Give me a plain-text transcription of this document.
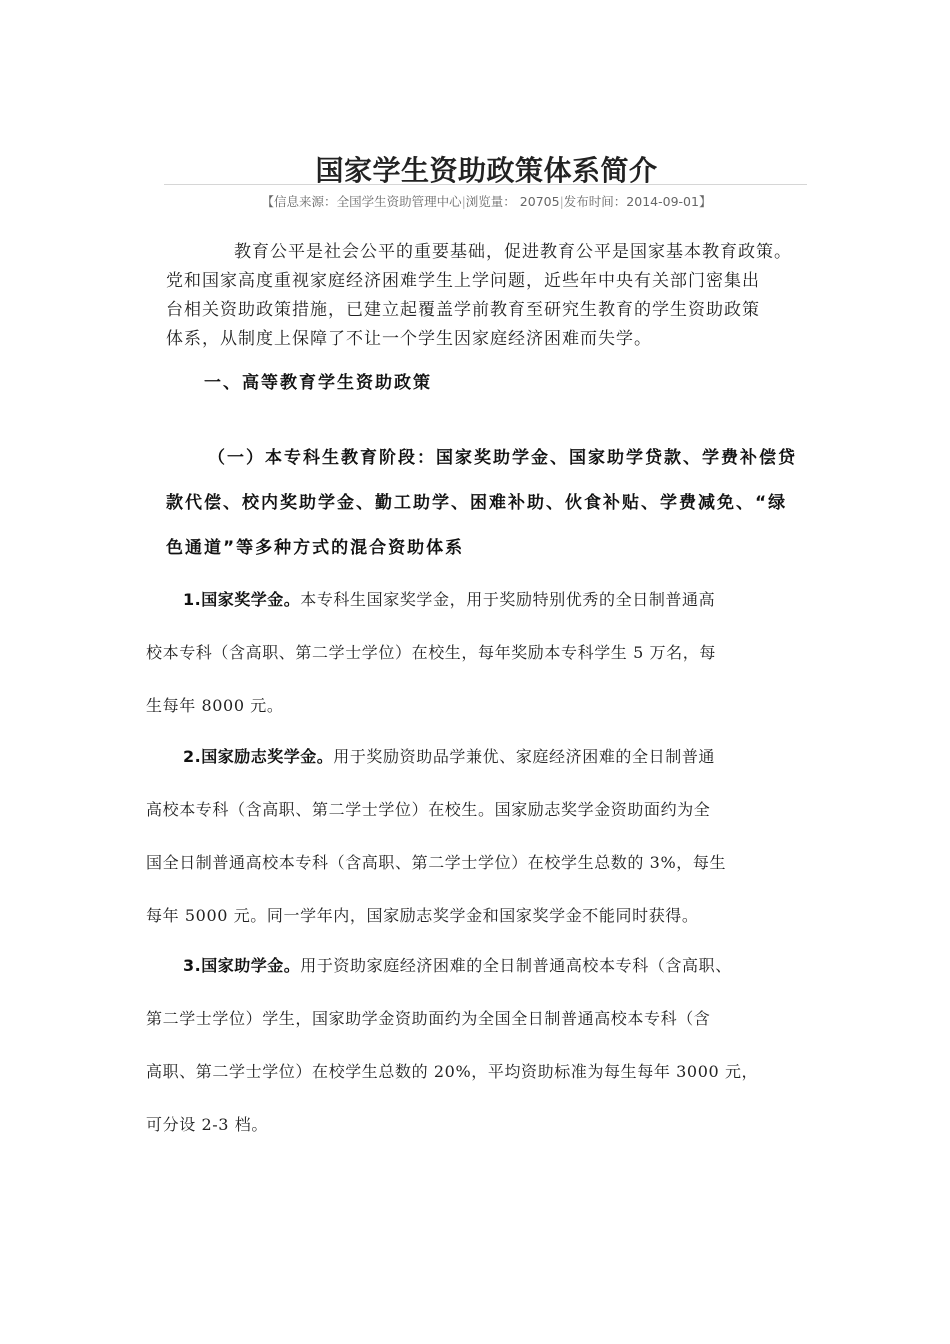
国家学生资助政策体系简介
【信息来源：全国学生资助管理中心|浏览量： 20705|发布时间：2014-09-01】
教育公平是社会公平的重要基础，促进教育公平是国家基本教育政策。
党和国家高度重视家庭经济困难学生上学问题，近些年中央有关部门密集出
台相关资助政策措施，已建立起覆盖学前教育至研究生教育的学生资助政策
体系，从制度上保障了不让一个学生因家庭经济困难而失学。
一、高等教育学生资助政策
（一）本专科生教育阶段：国家奖助学金、国家助学贷款、学费补偿贷
款代偿、校内奖助学金、勤工助学、困难补助、伙食补贴、学费减免、“绿
色通道”等多种方式的混合资助体系
1.国家奖学金。本专科生国家奖学金，用于奖励特别优秀的全日制普通高
校本专科（含高职、第二学士学位）在校生，每年奖励本专科学生 5 万名，每
生每年 8000 元。
2.国家励志奖学金。用于奖励资助品学兼优、家庭经济困难的全日制普通
高校本专科（含高职、第二学士学位）在校生。国家励志奖学金资助面约为全
国全日制普通高校本专科（含高职、第二学士学位）在校学生总数的 3%，每生
每年 5000 元。同一学年内，国家励志奖学金和国家奖学金不能同时获得。
3.国家助学金。用于资助家庭经济困难的全日制普通高校本专科（含高职、
第二学士学位）学生，国家助学金资助面约为全国全日制普通高校本专科（含
高职、第二学士学位）在校学生总数的 20%，平均资助标准为每生每年 3000 元，
可分设 2-3 档。
